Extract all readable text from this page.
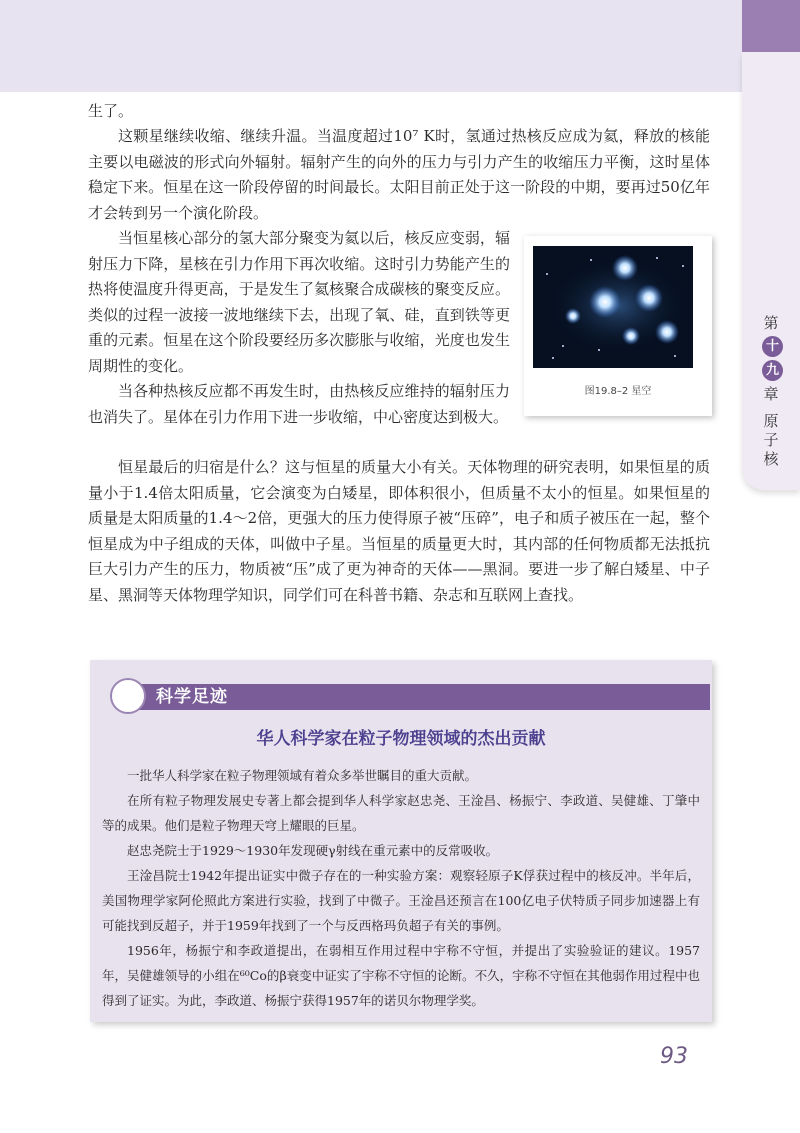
第
十
九
章
原
子
核

生了。

这颗星继续收缩、继续升温。当温度超过10⁷ K时，氢通过热核反应成为氦，释放的核能主要以电磁波的形式向外辐射。辐射产生的向外的压力与引力产生的收缩压力平衡，这时星体稳定下来。恒星在这一阶段停留的时间最长。太阳目前正处于这一阶段的中期，要再过50亿年才会转到另一个演化阶段。

当恒星核心部分的氢大部分聚变为氦以后，核反应变弱，辐射压力下降，星核在引力作用下再次收缩。这时引力势能产生的热将使温度升得更高，于是发生了氦核聚合成碳核的聚变反应。类似的过程一波接一波地继续下去，出现了氧、硅，直到铁等更重的元素。恒星在这个阶段要经历多次膨胀与收缩，光度也发生周期性的变化。

当各种热核反应都不再发生时，由热核反应维持的辐射压力也消失了。星体在引力作用下进一步收缩，中心密度达到极大。

恒星最后的归宿是什么？这与恒星的质量大小有关。天体物理的研究表明，如果恒星的质量小于1.4倍太阳质量，它会演变为白矮星，即体积很小，但质量不太小的恒星。如果恒星的质量是太阳质量的1.4～2倍，更强大的压力使得原子被“压碎”，电子和质子被压在一起，整个恒星成为中子组成的天体，叫做中子星。当恒星的质量更大时，其内部的任何物质都无法抵抗巨大引力产生的压力，物质被“压”成了更为神奇的天体——黑洞。要进一步了解白矮星、中子星、黑洞等天体物理学知识，同学们可在科普书籍、杂志和互联网上查找。

图19.8–2 星空
科学足迹
华人科学家在粒子物理领域的杰出贡献

一批华人科学家在粒子物理领域有着众多举世瞩目的重大贡献。

在所有粒子物理发展史专著上都会提到华人科学家赵忠尧、王淦昌、杨振宁、李政道、吴健雄、丁肇中等的成果。他们是粒子物理天穹上耀眼的巨星。

赵忠尧院士于1929～1930年发现硬γ射线在重元素中的反常吸收。

王淦昌院士1942年提出证实中微子存在的一种实验方案：观察轻原子K俘获过程中的核反冲。半年后，美国物理学家阿伦照此方案进行实验，找到了中微子。王淦昌还预言在100亿电子伏特质子同步加速器上有可能找到反超子，并于1959年找到了一个与反西格玛负超子有关的事例。

1956年，杨振宁和李政道提出，在弱相互作用过程中宇称不守恒，并提出了实验验证的建议。1957年，吴健雄领导的小组在⁶⁰Co的β衰变中证实了宇称不守恒的论断。不久，宇称不守恒在其他弱作用过程中也得到了证实。为此，李政道、杨振宁获得1957年的诺贝尔物理学奖。

93
